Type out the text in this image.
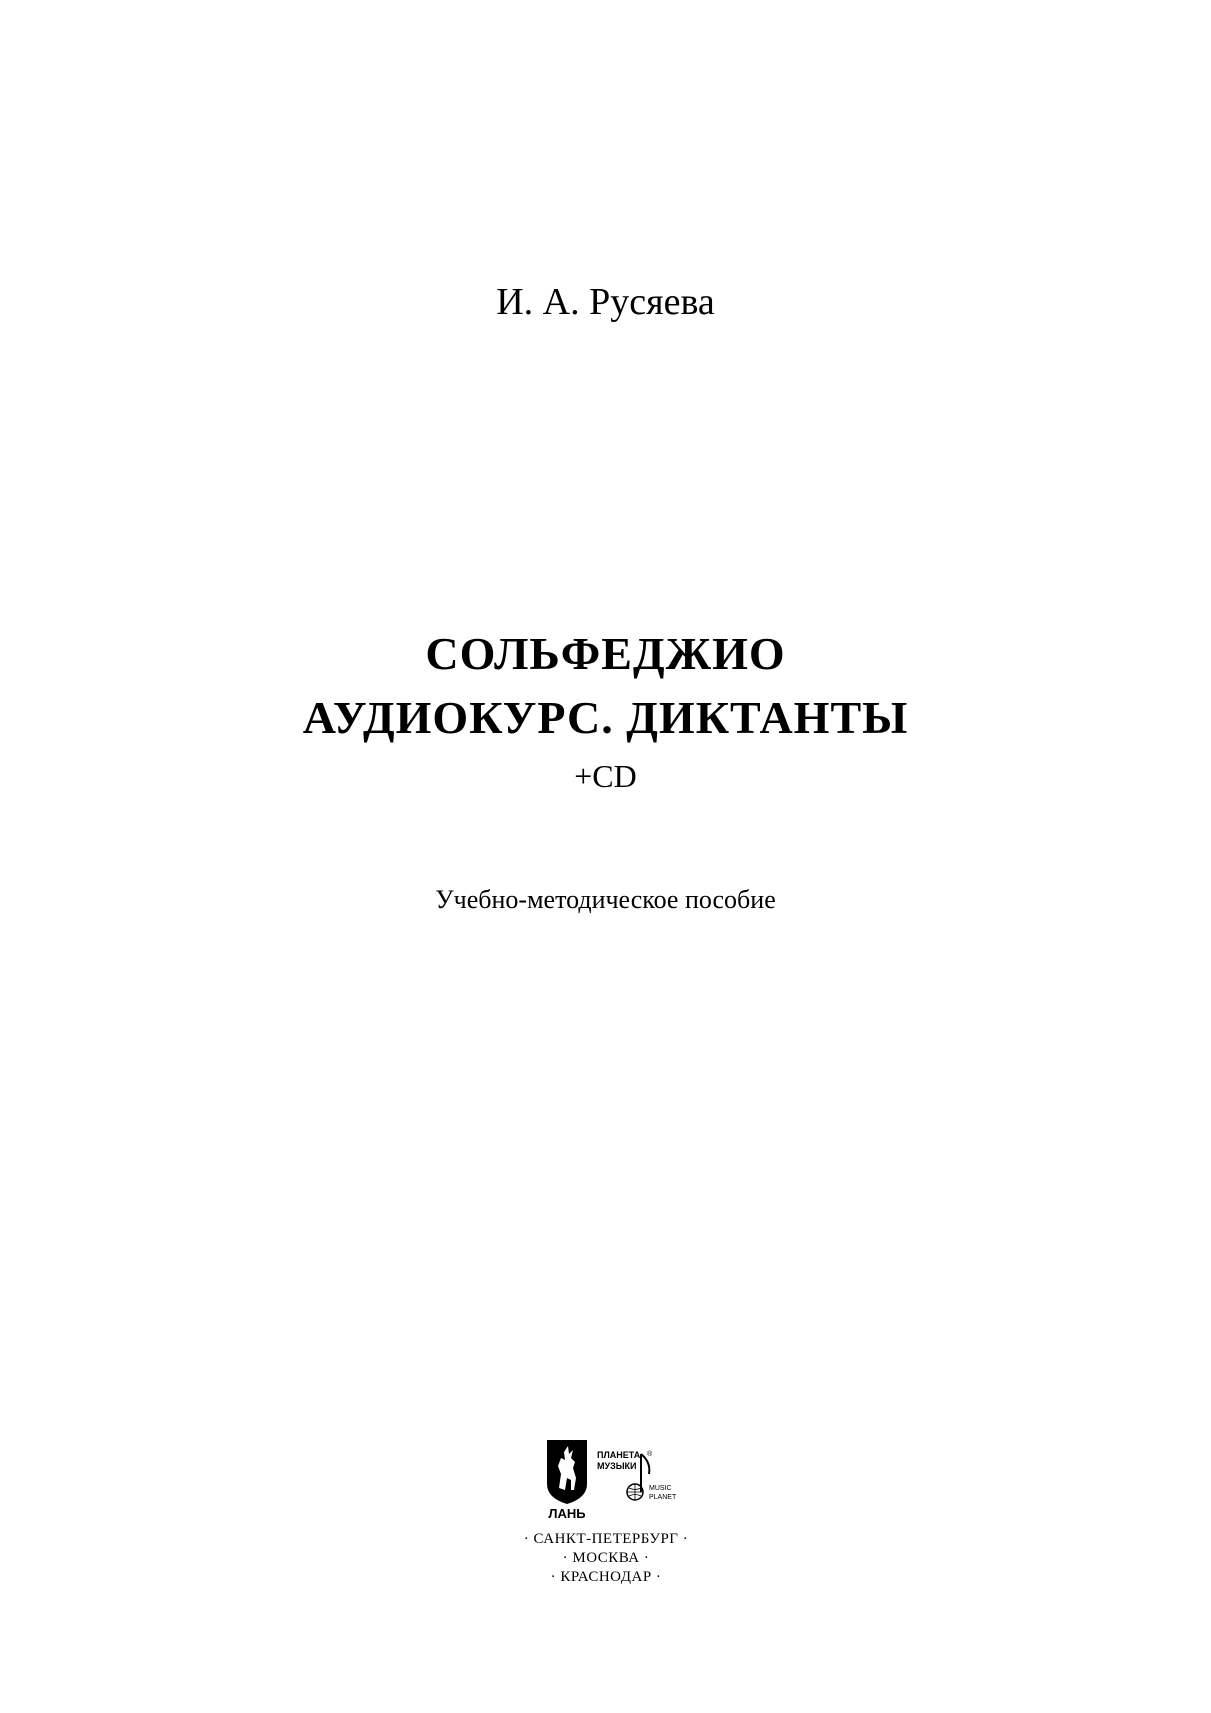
И. А. Русяева
СОЛЬФЕДЖИО
АУДИОКУРС. ДИКТАНТЫ
+CD
Учебно-методическое пособие
ЛАНЬ
ПЛАНЕТА
МУЗЫКИ
®
MUSIC
PLANET
· САНКТ-ПЕТЕРБУРГ ·
· МОСКВА ·
· КРАСНОДАР ·
